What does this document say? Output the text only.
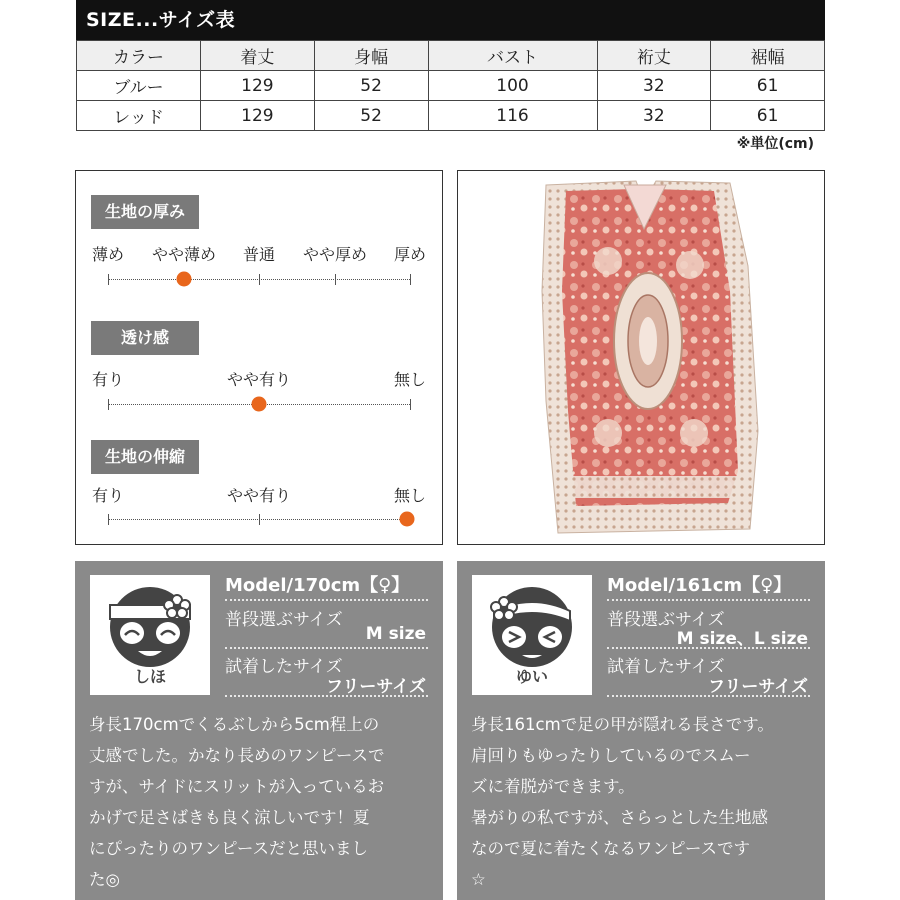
SIZE...サイズ表
カラー	着丈	身幅	バスト	裄丈	裾幅
ブルー	129	52	100	32	61
レッド	129	52	116	32	61
※単位(cm)
生地の厚み
薄め やや薄め 普通 やや厚め 厚め
透け感
有り	やや有り	無し
生地の伸縮
有り	やや有り	無し
しほ
Model/170cm【♀】
普段選ぶサイズ
M size
試着したサイズ
フリーサイズ

身長170cmでくるぶしから5cm程上の

丈感でした。かなり長めのワンピースで

すが、サイドにスリットが入っているお

かげで足さばきも良く涼しいです！夏

にぴったりのワンピースだと思いまし

た◎

ゆい
Model/161cm【♀】
普段選ぶサイズ
M size、L size
試着したサイズ
フリーサイズ

身長161cmで足の甲が隠れる長さです。

肩回りもゆったりしているのでスムー

ズに着脱ができます。

暑がりの私ですが、さらっとした生地感

なので夏に着たくなるワンピースです

☆
